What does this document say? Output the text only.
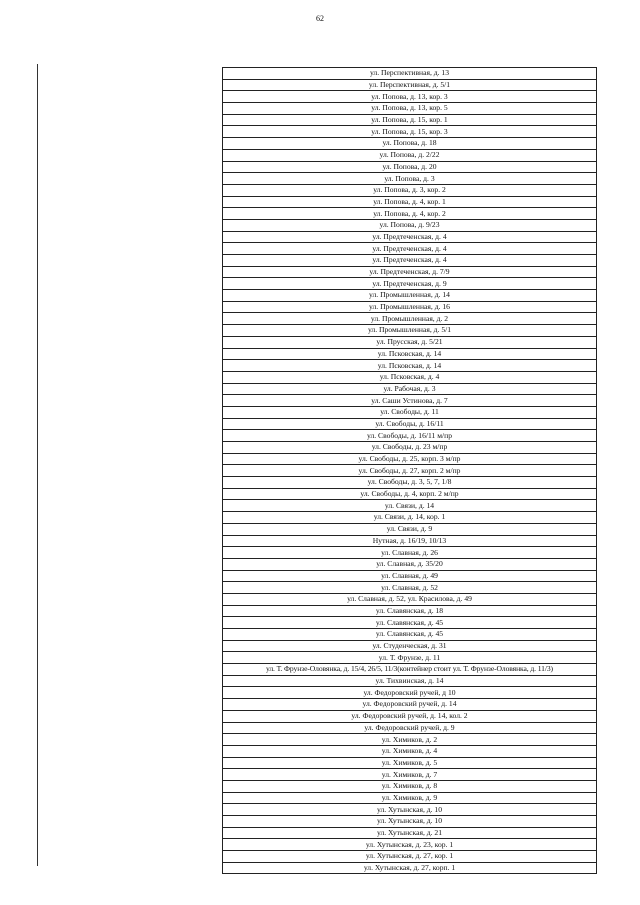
62
ул. Перспективная, д. 13
ул. Перспективная, д. 5/1
ул. Попова, д. 13, кор. 3
ул. Попова, д. 13, кор. 5
ул. Попова, д. 15, кор. 1
ул. Попова, д. 15, кор. 3
ул. Попова, д. 18
ул. Попова, д. 2/22
ул. Попова, д. 20
ул. Попова, д. 3
ул. Попова, д. 3, кор. 2
ул. Попова, д. 4, кор. 1
ул. Попова, д. 4, кор. 2
ул. Попова, д. 9/23
ул. Предтеченская, д. 4
ул. Предтеченская, д. 4
ул. Предтеченская, д. 4
ул. Предтеченская, д. 7/9
ул. Предтеченская, д. 9
ул. Промышленная, д. 14
ул. Промышленная, д. 16
ул. Промышленная, д. 2
ул. Промышленная, д. 5/1
ул. Прусская, д. 5/21
ул. Псковская, д. 14
ул. Псковская, д. 14
ул. Псковская, д. 4
ул. Рабочая, д. 3
ул. Саши Устинова, д. 7
ул. Свободы, д. 11
ул. Свободы, д. 16/11
ул. Свободы, д. 16/11 м/пр
ул. Свободы, д. 23 м/пр
ул. Свободы, д. 25, корп. 3 м/пр
ул. Свободы, д. 27, корп. 2 м/пр
ул. Свободы, д. 3, 5, 7, 1/8
ул. Свободы, д. 4, корп. 2 м/пр
ул. Связи, д. 14
ул. Связи, д. 14, кор. 1
ул. Связи, д. 9
Нутная, д. 16/19, 10/13
ул. Славная, д. 26
ул. Славная, д. 35/20
ул. Славная, д. 49
ул. Славная, д. 52
ул. Славная, д. 52, ул. Красилова, д. 49
ул. Славянская, д. 18
ул. Славянская, д. 45
ул. Славянская, д. 45
ул. Студенческая, д. 31
ул. Т. Фрунзе, д. 11
ул. Т. Фрунзе-Оловянка, д. 15/4, 26/5, 11/3(контейнер стоит ул. Т. Фрунзе-Оловянка, д. 11/3)
ул. Тихвинская, д. 14
ул. Федоровский ручей, д 10
ул. Федоровский ручей, д. 14
ул. Федоровский ручей, д. 14, кол. 2
ул. Федоровский ручей, д. 9
ул. Химиков, д. 2
ул. Химиков, д. 4
ул. Химиков, д. 5
ул. Химиков, д. 7
ул. Химиков, д. 8
ул. Химиков, д. 9
ул. Хутынская, д. 10
ул. Хутынская, д. 10
ул. Хутынская, д. 21
ул. Хутынская, д. 23, кор. 1
ул. Хутынская, д. 27, кор. 1
ул. Хутынская, д. 27, корп. 1
